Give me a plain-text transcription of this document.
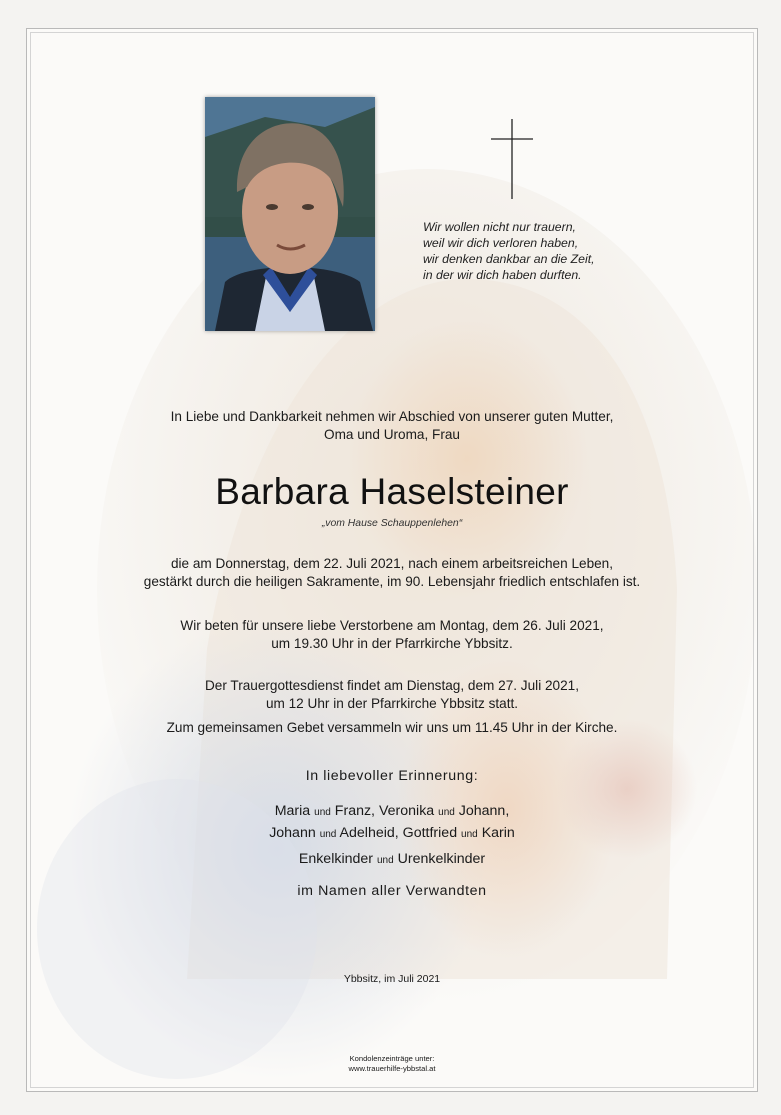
Wir wollen nicht nur trauern,
weil wir dich verloren haben,
wir denken dankbar an die Zeit,
in der wir dich haben durften.
In Liebe und Dankbarkeit nehmen wir Abschied von unserer guten Mutter,
Oma und Uroma, Frau
Barbara Haselsteiner
„vom Hause Schauppenlehen“
die am Donnerstag, dem 22. Juli 2021, nach einem arbeitsreichen Leben,
gestärkt durch die heiligen Sakramente, im 90. Lebensjahr friedlich entschlafen ist.
Wir beten für unsere liebe Verstorbene am Montag, dem 26. Juli 2021,
um 19.30 Uhr in der Pfarrkirche Ybbsitz.
Der Trauergottesdienst findet am Dienstag, dem 27. Juli 2021,
um 12 Uhr in der Pfarrkirche Ybbsitz statt.
Zum gemeinsamen Gebet versammeln wir uns um 11.45 Uhr in der Kirche.
In liebevoller Erinnerung:
Maria und Franz, Veronika und Johann,
Johann und Adelheid, Gottfried und Karin
Enkelkinder und Urenkelkinder
im Namen aller Verwandten
Ybbsitz, im Juli 2021
Kondolenzeinträge unter:
www.trauerhilfe-ybbstal.at
